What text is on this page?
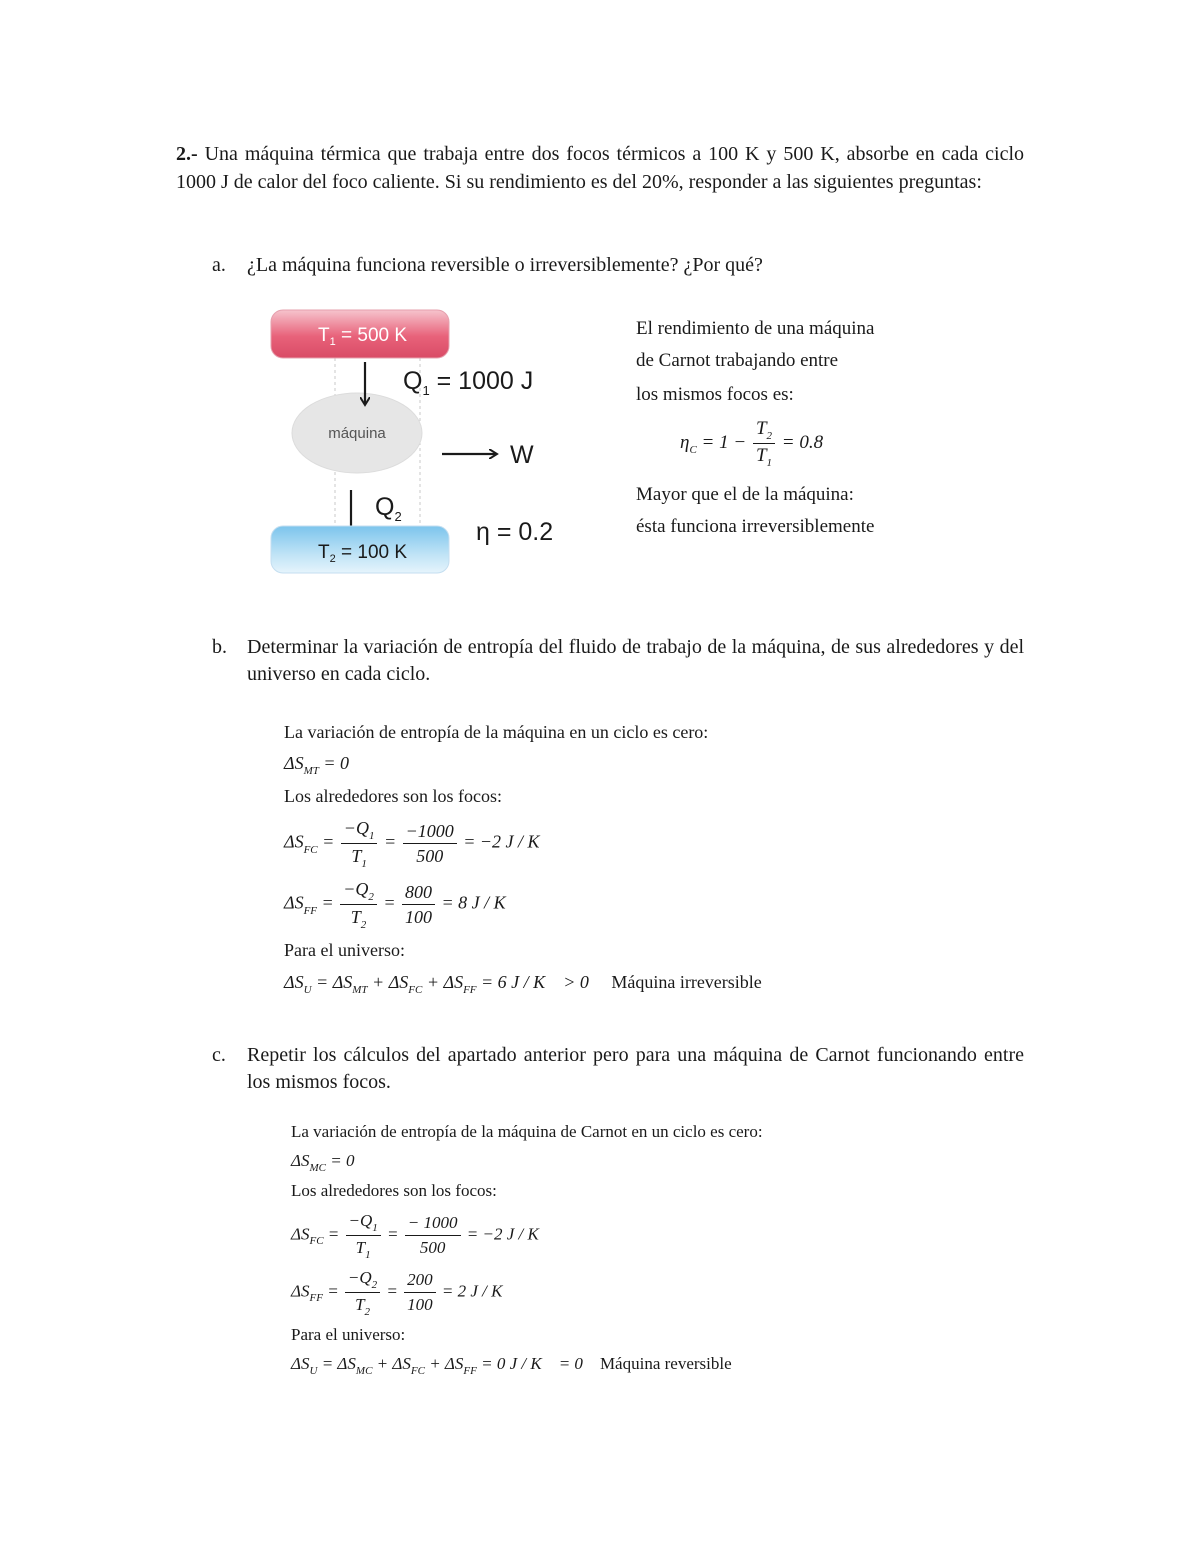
2.- Una máquina térmica que trabaja entre dos focos térmicos a 100 K y 500 K, absorbe en cada ciclo 1000 J de calor del foco caliente. Si su rendimiento es del 20%, responder a las siguientes preguntas:
a. ¿La máquina funciona reversible o irreversiblemente? ¿Por qué?
$T_1 = 500$ K
máquina
$Q_1 = 1000$ J
W
$Q_2$
$T_2 = 100$ K
η = 0.2
El rendimiento de una máquina
de Carnot trabajando entre
los mismos focos es:
$\eta_C = 1 - \frac{T_2}{T_1} = 0.8$
Mayor que el de la máquina:
ésta funciona irreversiblemente
b. Determinar la variación de entropía del fluido de trabajo de la máquina, de sus alrededores y del universo en cada ciclo.
La variación de entropía de la máquina en un ciclo es cero:
$\Delta S_{MT} = 0$
Los alrededores son los focos:
$\Delta S_{FC} = \frac{-Q_1}{T_1} = \frac{-1000}{500} = -2$ J / K
$\Delta S_{FF} = \frac{-Q_2}{T_2} = \frac{800}{100} = 8$ J / K
Para el universo:
$\Delta S_U = \Delta S_{MT} + \Delta S_{FC} + \Delta S_{FF} = 6$ J / K > 0 Máquina irreversible
c. Repetir los cálculos del apartado anterior pero para una máquina de Carnot funcionando entre los mismos focos.
La variación de entropía de la máquina de Carnot en un ciclo es cero:
$\Delta S_{MC} = 0$
Los alrededores son los focos:
$\Delta S_{FC} = \frac{-Q_1}{T_1} = \frac{- 1000}{500} = -2$ J / K
$\Delta S_{FF} = \frac{-Q_2}{T_2} = \frac{200}{100} = 2$ J / K
Para el universo:
$\Delta S_U = \Delta S_{MC} + \Delta S_{FC} + \Delta S_{FF} = 0$ J / K = 0 Máquina reversible
